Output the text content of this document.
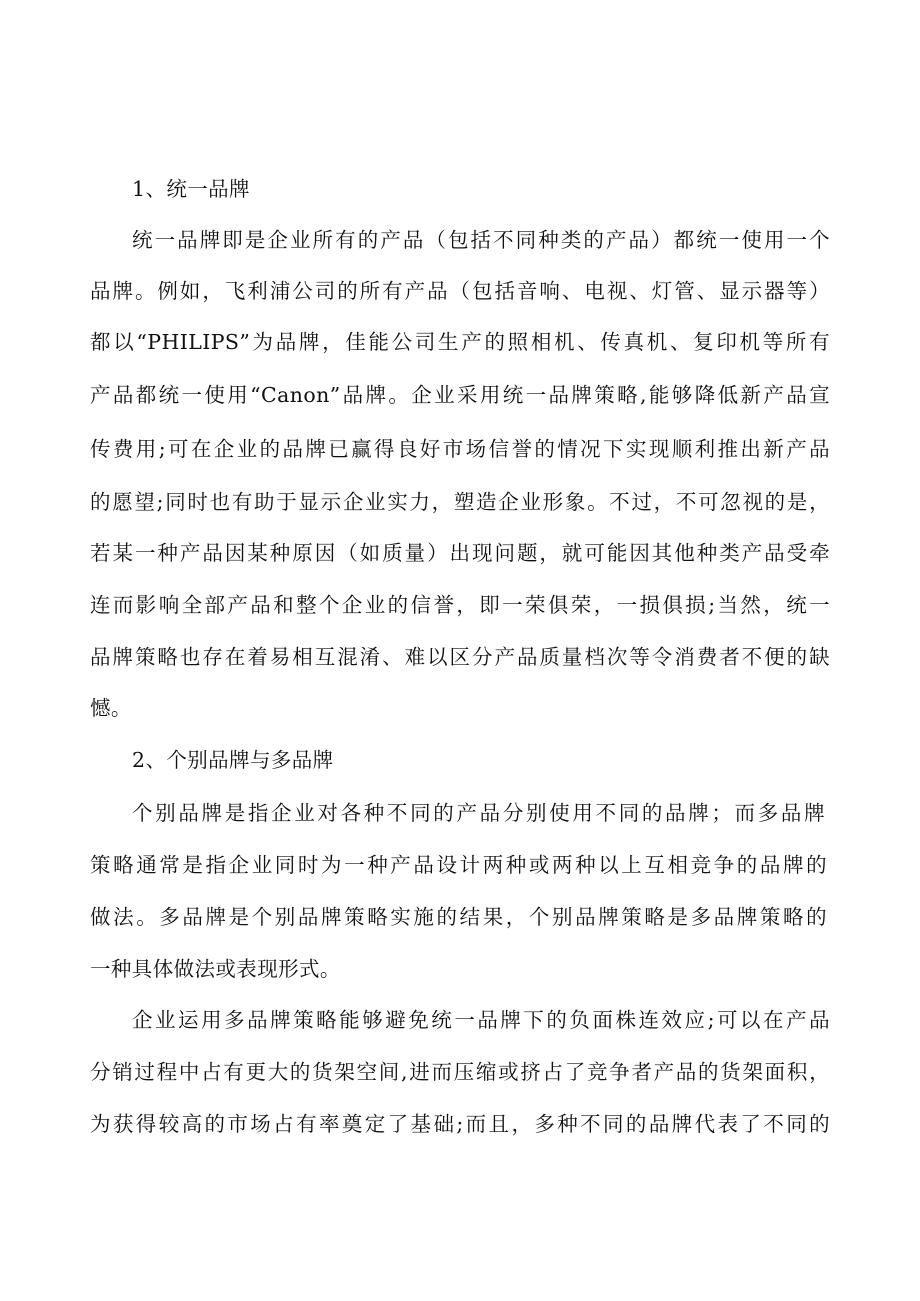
1、统一品牌
统一品牌即是企业所有的产品（包括不同种类的产品）都统一使用一个
品牌。例如，飞利浦公司的所有产品（包括音响、电视、灯管、显示器等）
都以“PHILIPS”为品牌，佳能公司生产的照相机、传真机、复印机等所有
产品都统一使用“Canon”品牌。企业采用统一品牌策略,能够降低新产品宣
传费用;可在企业的品牌已赢得良好市场信誉的情况下实现顺利推出新产品
的愿望;同时也有助于显示企业实力，塑造企业形象。不过，不可忽视的是，
若某一种产品因某种原因（如质量）出现问题，就可能因其他种类产品受牵
连而影响全部产品和整个企业的信誉，即一荣俱荣，一损俱损;当然，统一
品牌策略也存在着易相互混淆、难以区分产品质量档次等令消费者不便的缺
憾。
2、个别品牌与多品牌
个别品牌是指企业对各种不同的产品分别使用不同的品牌；而多品牌
策略通常是指企业同时为一种产品设计两种或两种以上互相竞争的品牌的
做法。多品牌是个别品牌策略实施的结果，个别品牌策略是多品牌策略的
一种具体做法或表现形式。
企业运用多品牌策略能够避免统一品牌下的负面株连效应;可以在产品
分销过程中占有更大的货架空间,进而压缩或挤占了竞争者产品的货架面积，
为获得较高的市场占有率奠定了基础;而且，多种不同的品牌代表了不同的
